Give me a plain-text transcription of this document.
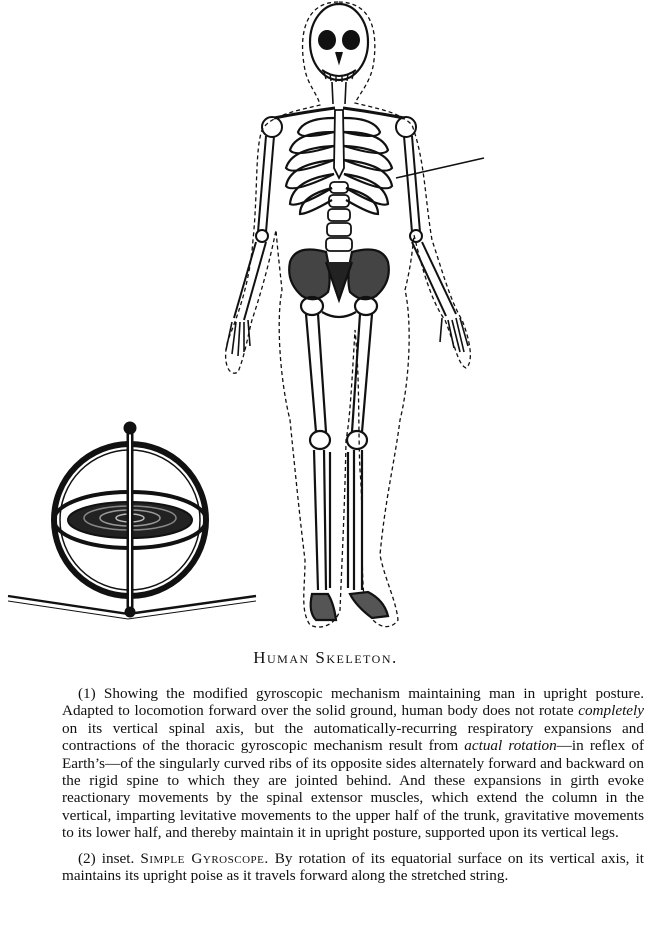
Human Skeleton.

(1) Showing the modified gyroscopic mechanism maintaining man in upright posture. Adapted to locomotion forward over the solid ground, human body does not rotate completely on its vertical spinal axis, but the automatically-recurring respiratory expansions and contractions of the thoracic gyroscopic mechanism result from actual rotation—in reflex of Earth’s—of the singularly curved ribs of its opposite sides alternately forward and backward on the rigid spine to which they are jointed behind. And these expansions in girth evoke reactionary movements by the spinal extensor muscles, which extend the column in the vertical, imparting levitative movements to the upper half of the trunk, gravitative movements to its lower half, and thereby maintain it in upright posture, supported upon its vertical legs.

(2) inset. Simple Gyroscope. By rotation of its equatorial surface on its vertical axis, it maintains its upright poise as it travels forward along the stretched string.
